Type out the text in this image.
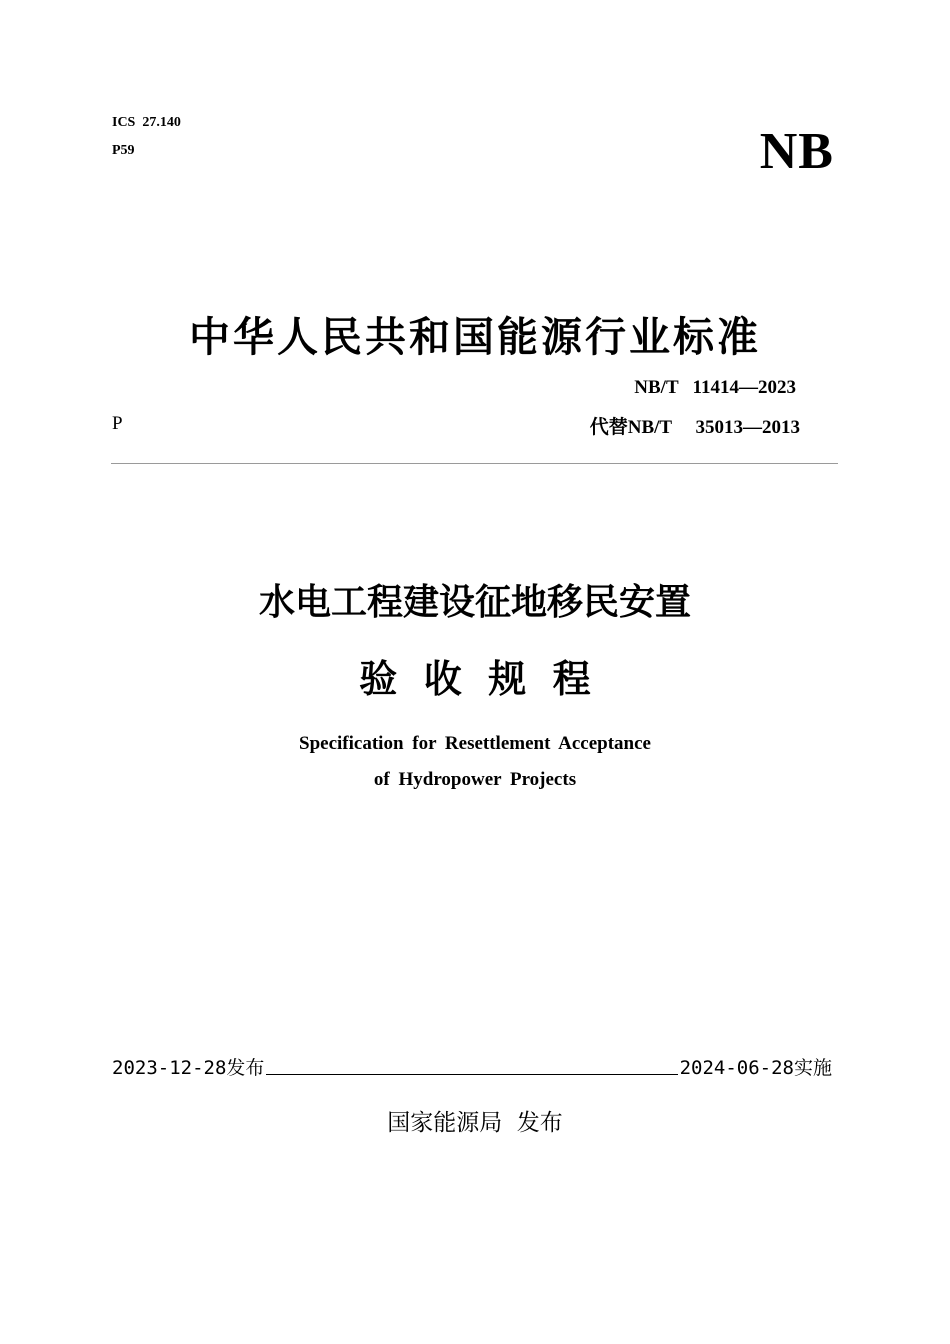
ICS  27.140
P59	NB
中华人民共和国能源行业标准
NB/T   11414—2023
P	代替NB/T     35013—2013
水电工程建设征地移民安置
验  收  规  程
Specification for Resettlement Acceptance
of Hydropower Projects
2023-12-28发布	2024-06-28实施
国家能源局  发布
